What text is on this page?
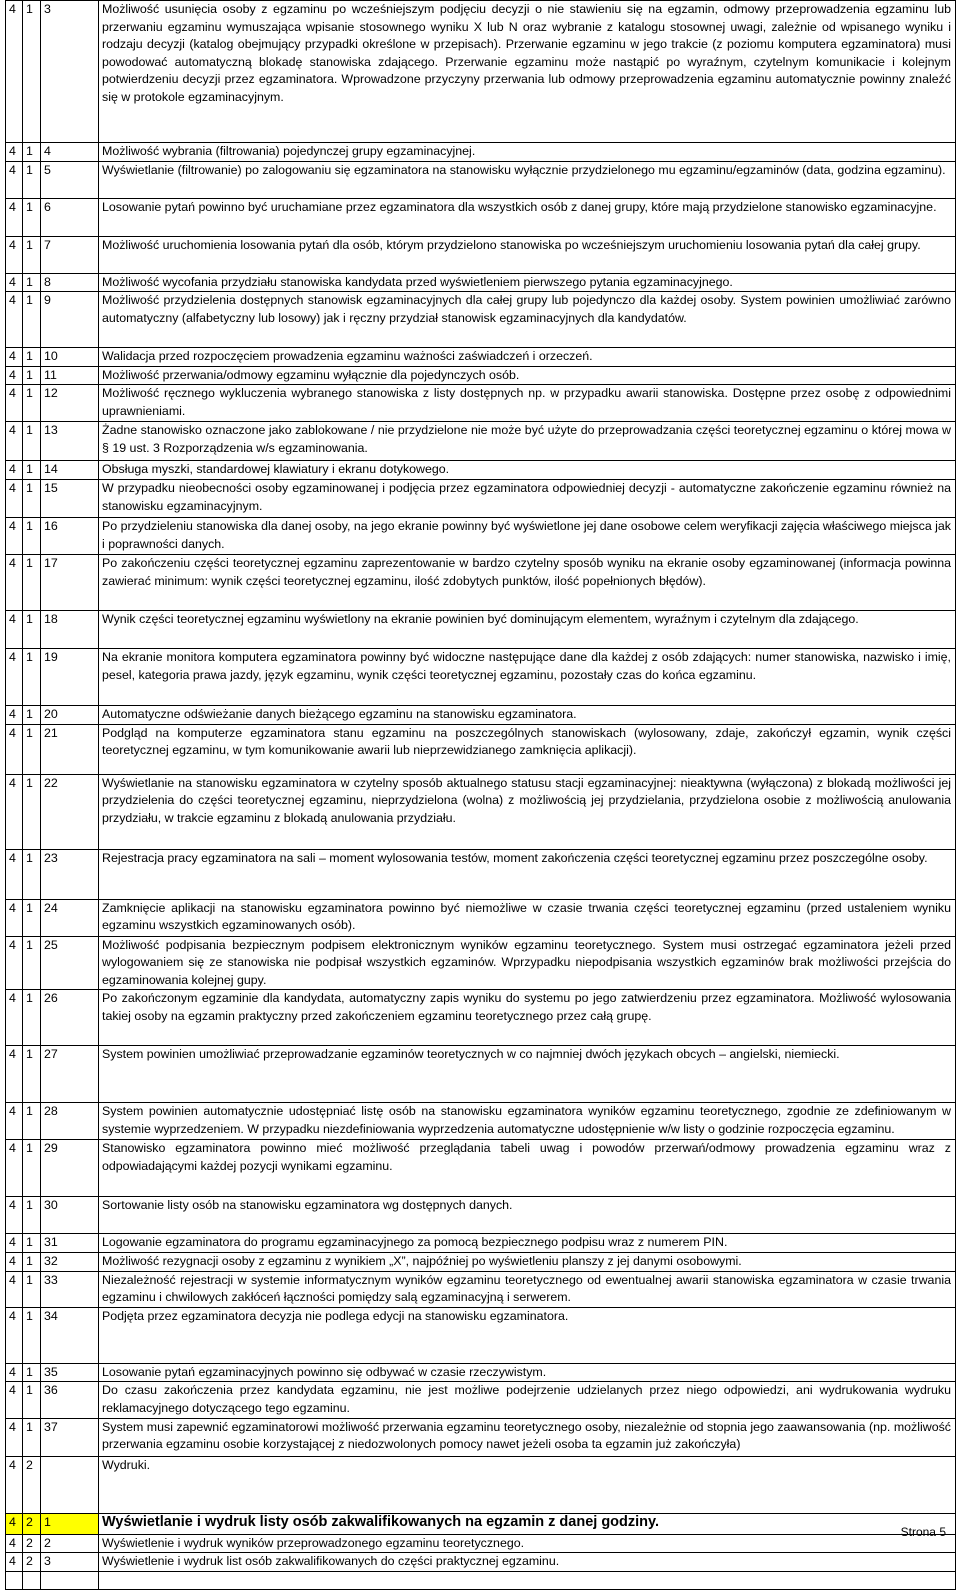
4	1	3	Możliwość usunięcia osoby z egzaminu po wcześniejszym podjęciu decyzji o nie stawieniu się na egzamin, odmowy przeprowadzenia egzaminu lub przerwaniu egzaminu wymuszająca wpisanie stosownego wyniku X lub N oraz wybranie z katalogu stosownej uwagi, zależnie od wpisanego wyniku i rodzaju decyzji (katalog obejmujący przypadki określone w przepisach). Przerwanie egzaminu w jego trakcie (z poziomu komputera egzaminatora) musi powodować automatyczną blokadę stanowiska zdającego. Przerwanie egzaminu może nastąpić po wyraźnym, czytelnym komunikacie i kolejnym potwierdzeniu decyzji przez egzaminatora. Wprowadzone przyczyny przerwania lub odmowy przeprowadzenia egzaminu automatycznie powinny znaleźć się w protokole egzaminacyjnym.
4	1	4	Możliwość wybrania (filtrowania) pojedynczej grupy egzaminacyjnej.
4	1	5	Wyświetlanie (filtrowanie) po zalogowaniu się egzaminatora na stanowisku wyłącznie przydzielonego mu egzaminu/egzaminów (data, godzina egzaminu).
4	1	6	Losowanie pytań powinno być uruchamiane przez egzaminatora dla wszystkich osób z danej grupy, które mają przydzielone stanowisko egzaminacyjne.
4	1	7	Możliwość uruchomienia losowania pytań dla osób, którym przydzielono stanowiska po wcześniejszym uruchomieniu losowania pytań dla całej grupy.
4	1	8	Możliwość wycofania przydziału stanowiska kandydata przed wyświetleniem pierwszego pytania egzaminacyjnego.
4	1	9	Możliwość przydzielenia dostępnych stanowisk egzaminacyjnych dla całej grupy lub pojedynczo dla każdej osoby. System powinien umożliwiać zarówno automatyczny (alfabetyczny lub losowy) jak i ręczny przydział stanowisk egzaminacyjnych dla kandydatów.
4	1	10	Walidacja przed rozpoczęciem prowadzenia egzaminu ważności zaświadczeń i orzeczeń.
4	1	11	Możliwość przerwania/odmowy egzaminu wyłącznie dla pojedynczych osób.
4	1	12	Możliwość ręcznego wykluczenia wybranego stanowiska z listy dostępnych np. w przypadku awarii stanowiska. Dostępne przez osobę z odpowiednimi uprawnieniami.
4	1	13	Żadne stanowisko oznaczone jako zablokowane / nie przydzielone nie może być użyte do przeprowadzania części teoretycznej egzaminu o której mowa w § 19 ust. 3 Rozporządzenia w/s egzaminowania.
4	1	14	Obsługa myszki, standardowej klawiatury i ekranu dotykowego.
4	1	15	W przypadku nieobecności osoby egzaminowanej i podjęcia przez egzaminatora odpowiedniej decyzji - automatyczne zakończenie egzaminu również na stanowisku egzaminacyjnym.
4	1	16	Po przydzieleniu stanowiska dla danej osoby, na jego ekranie powinny być wyświetlone jej dane osobowe celem weryfikacji zajęcia właściwego miejsca jak i poprawności danych.
4	1	17	Po zakończeniu części teoretycznej egzaminu zaprezentowanie w bardzo czytelny sposób wyniku na ekranie osoby egzaminowanej (informacja powinna zawierać minimum: wynik części teoretycznej egzaminu, ilość zdobytych punktów, ilość popełnionych błędów).
4	1	18	Wynik części teoretycznej egzaminu wyświetlony na ekranie powinien być dominującym elementem, wyraźnym i czytelnym dla zdającego.
4	1	19	Na ekranie monitora komputera egzaminatora powinny być widoczne następujące dane dla każdej z osób zdających: numer stanowiska, nazwisko i imię, pesel, kategoria prawa jazdy, język egzaminu, wynik części teoretycznej egzaminu, pozostały czas do końca egzaminu.
4	1	20	Automatyczne odświeżanie danych bieżącego egzaminu na stanowisku egzaminatora.
4	1	21	Podgląd na komputerze egzaminatora stanu egzaminu na poszczególnych stanowiskach (wylosowany, zdaje, zakończył egzamin, wynik części teoretycznej egzaminu, w tym komunikowanie awarii lub nieprzewidzianego zamknięcia aplikacji).
4	1	22	Wyświetlanie na stanowisku egzaminatora w czytelny sposób aktualnego statusu stacji egzaminacyjnej: nieaktywna (wyłączona) z blokadą możliwości jej przydzielenia do części teoretycznej egzaminu, nieprzydzielona (wolna) z możliwością jej przydzielania, przydzielona osobie z możliwością anulowania przydziału, w trakcie egzaminu z blokadą anulowania przydziału.
4	1	23	Rejestracja pracy egzaminatora na sali – moment wylosowania testów, moment zakończenia części teoretycznej egzaminu przez poszczególne osoby.
4	1	24	Zamknięcie aplikacji na stanowisku egzaminatora powinno być niemożliwe w czasie trwania części teoretycznej egzaminu (przed ustaleniem wyniku egzaminu wszystkich egzaminowanych osób).
4	1	25	Możliwość podpisania bezpiecznym podpisem elektronicznym wyników egzaminu teoretycznego. System musi ostrzegać egzaminatora jeżeli przed wylogowaniem się ze stanowiska nie podpisał wszystkich egzaminów. Wprzypadku niepodpisania wszystkich egzaminów brak możliwości przejścia do egzaminowania kolejnej gupy.
4	1	26	Po zakończonym egzaminie dla kandydata, automatyczny zapis wyniku do systemu po jego zatwierdzeniu przez egzaminatora. Możliwość wylosowania takiej osoby na egzamin praktyczny przed zakończeniem egzaminu teoretycznego przez całą grupę.
4	1	27	System powinien umożliwiać przeprowadzanie egzaminów teoretycznych w co najmniej dwóch językach obcych – angielski, niemiecki.
4	1	28	System powinien automatycznie udostępniać listę osób na stanowisku egzaminatora wyników egzaminu teoretycznego, zgodnie ze zdefiniowanym w systemie wyprzedzeniem. W przypadku niezdefiniowania wyprzedzenia automatyczne udostępnienie w/w listy o godzinie rozpoczęcia egzaminu.
4	1	29	Stanowisko egzaminatora powinno mieć możliwość przeglądania tabeli uwag i powodów przerwań/odmowy prowadzenia egzaminu wraz z odpowiadającymi każdej pozycji wynikami egzaminu.
4	1	30	Sortowanie listy osób na stanowisku egzaminatora wg dostępnych danych.
4	1	31	Logowanie egzaminatora do programu egzaminacyjnego za pomocą bezpiecznego podpisu wraz z numerem PIN.
4	1	32	Możliwość rezygnacji osoby z egzaminu z wynikiem „X”, najpóźniej po wyświetleniu planszy z jej danymi osobowymi.
4	1	33	Niezależność rejestracji w systemie informatycznym wyników egzaminu teoretycznego od ewentualnej awarii stanowiska egzaminatora w czasie trwania egzaminu i chwilowych zakłóceń łączności pomiędzy salą egzaminacyjną i serwerem.
4	1	34	Podjęta przez egzaminatora decyzja nie podlega edycji na stanowisku egzaminatora.
4	1	35	Losowanie pytań egzaminacyjnych powinno się odbywać w czasie rzeczywistym.
4	1	36	Do czasu zakończenia przez kandydata egzaminu, nie jest możliwe podejrzenie udzielanych przez niego odpowiedzi, ani wydrukowania wydruku reklamacyjnego dotyczącego tego egzaminu.
4	1	37	System musi zapewnić egzaminatorowi możliwość przerwania egzaminu teoretycznego osoby, niezależnie od stopnia jego zaawansowania (np. możliwość przerwania egzaminu osobie korzystającej z niedozwolonych pomocy nawet jeżeli osoba ta egzamin już zakończyła)
4	2		Wydruki.
4	2	1	Wyświetlanie i wydruk listy osób zakwalifikowanych na egzamin z danej godziny.
4	2	2	Wyświetlenie i wydruk wyników przeprowadzonego egzaminu teoretycznego.
4	2	3	Wyświetlenie i wydruk list osób zakwalifikowanych do części praktycznej egzaminu.

Strona 5
